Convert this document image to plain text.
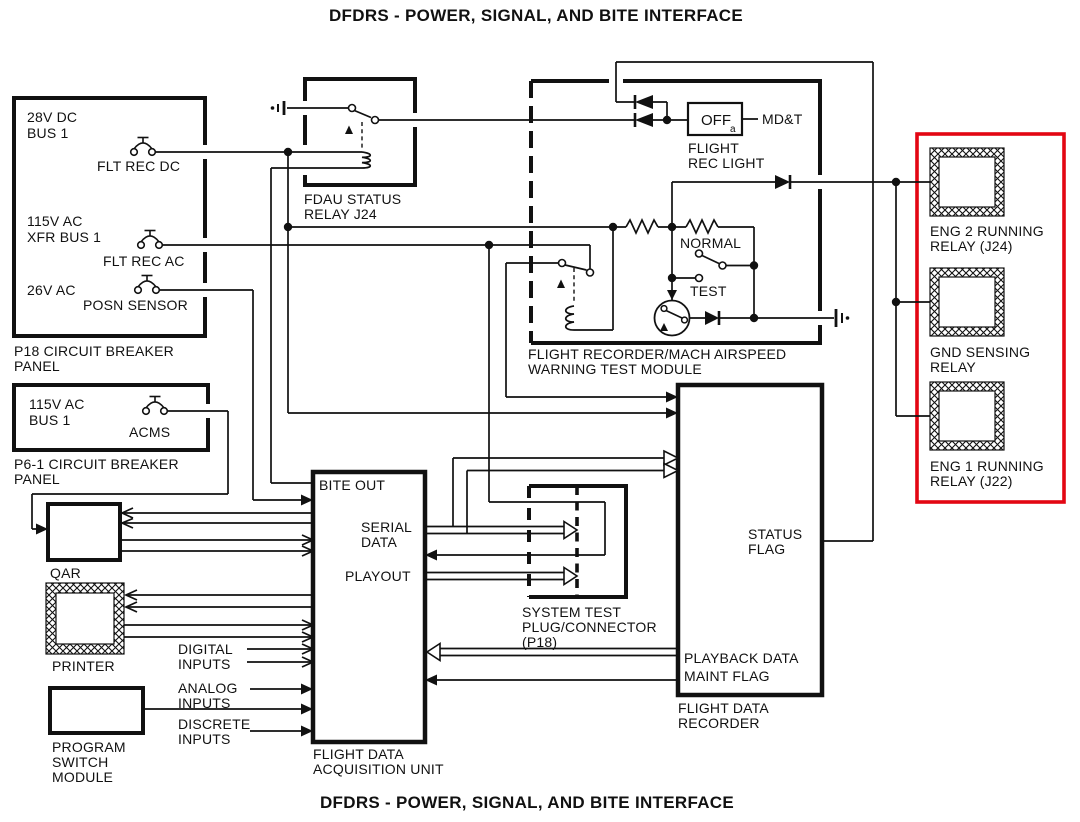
DFDRS - POWER, SIGNAL, AND BITE INTERFACE
DFDRS - POWER, SIGNAL, AND BITE INTERFACE
28V DC
BUS 1
FLT REC DC
115V AC
XFR BUS 1
FLT REC AC
26V AC
POSN SENSOR
P18 CIRCUIT BREAKER
PANEL
115V AC
BUS 1
ACMS
P6-1 CIRCUIT BREAKER
PANEL
FDAU STATUS
RELAY J24
OFF
a
MD&T
FLIGHT
REC LIGHT
NORMAL
TEST
FLIGHT RECORDER/MACH AIRSPEED
WARNING TEST MODULE
BITE OUT
SERIAL
DATA
PLAYOUT
FLIGHT DATA
ACQUISITION UNIT
SYSTEM TEST
PLUG/CONNECTOR
(P18)
STATUS
FLAG
PLAYBACK DATA
MAINT FLAG
FLIGHT DATA
RECORDER
ENG 2 RUNNING
RELAY (J24)
GND SENSING
RELAY
ENG 1 RUNNING
RELAY (J22)
QAR
PRINTER
PROGRAM
SWITCH
MODULE
DIGITAL
INPUTS
ANALOG
INPUTS
DISCRETE
INPUTS
